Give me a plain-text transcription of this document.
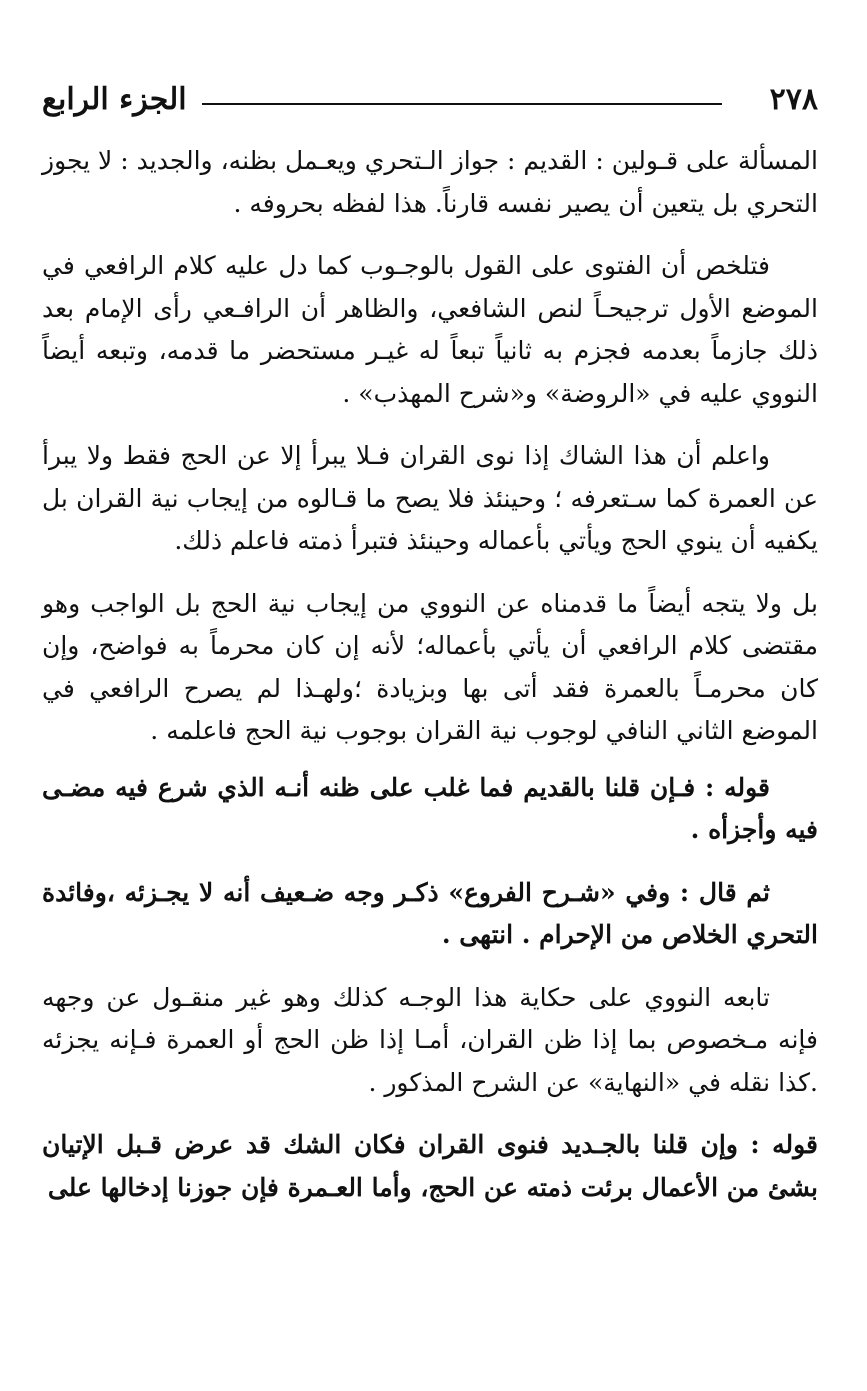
٢٧٨
الجزء الرابع

المسألة على قـولين : القديم : جواز الـتحري ويعـمل بظنه، والجديد : لا يجوز التحري بل يتعين أن يصير نفسه قارناً. هذا لفظه بحروفه .

فتلخص أن الفتوى على القول بالوجـوب كما دل عليه كلام الرافعي في الموضع الأول ترجيحـاً لنص الشافعي، والظاهر أن الرافـعي رأى الإمام بعد ذلك جازماً بعدمه فجزم به ثانياً تبعاً له غيـر مستحضر ما قدمه، وتبعه أيضاً النووي عليه في «الروضة» و«شرح المهذب» .

واعلم أن هذا الشاك إذا نوى القران فـلا يبرأ إلا عن الحج فقط ولا يبرأ عن العمرة كما سـتعرفه ؛ وحينئذ فلا يصح ما قـالوه من إيجاب نية القران بل يكفيه أن ينوي الحج ويأتي بأعماله وحينئذ فتبرأ ذمته فاعلم ذلك.

بل ولا يتجه أيضاً ما قدمناه عن النووي من إيجاب نية الحج بل الواجب وهو مقتضى كلام الرافعي أن يأتي بأعماله؛ لأنه إن كان محرماً به فواضح، وإن كان محرمـاً بالعمرة فقد أتى بها وبزيادة ؛ولهـذا لم يصرح الرافعي في الموضع الثاني النافي لوجوب نية القران بوجوب نية الحج فاعلمه .

قوله : فـإن قلنا بالقديم فما غلب على ظنه أنـه الذي شرع فيه مضـى فيه وأجزأه .

ثم قال : وفي «شـرح الفروع» ذكـر وجه ضـعيف أنه لا يجـزئه ،وفائدة التحري الخلاص من الإحرام . انتهى .

تابعه النووي على حكاية هذا الوجـه كذلك وهو غير منقـول عن وجهه فإنه مـخصوص بما إذا ظن القران، أمـا إذا ظن الحج أو العمرة فـإنه يجزئه .كذا نقله في «النهاية» عن الشرح المذكور .

قوله : وإن قلنا بالجـديد فنوى القران فكان الشك قد عرض قـبل الإتيان بشئ من الأعمال برئت ذمته عن الحج، وأما العـمرة فإن جوزنا إدخالها على
